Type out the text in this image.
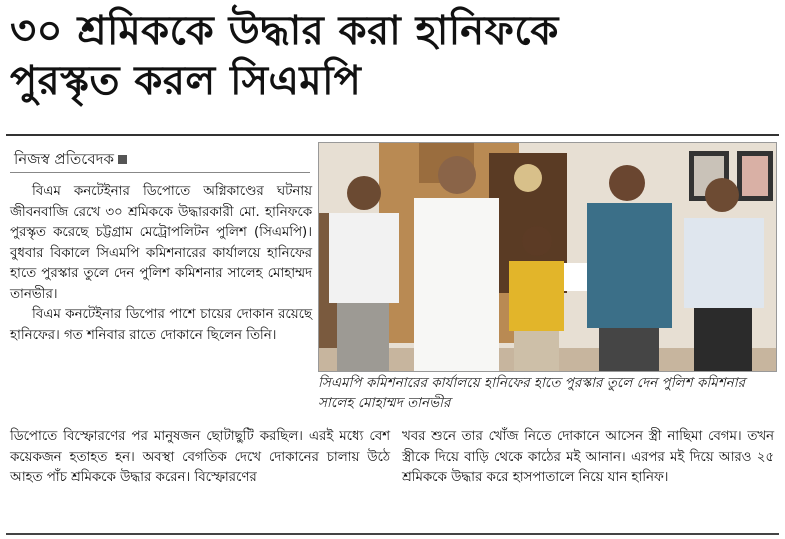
৩০ শ্রমিককে উদ্ধার করা হানিফকে
পুরস্কৃত করল সিএমপি
নিজস্ব প্রতিবেদক

বিএম কনটেইনার ডিপোতে অগ্নিকাণ্ডের ঘটনায় জীবনবাজি রেখে ৩০ শ্রমিককে উদ্ধারকারী মো. হানিফকে পুরস্কৃত করেছে চট্টগ্রাম মেট্রোপলিটন পুলিশ (সিএমপি)। বুধবার বিকালে সিএমপি কমিশনারের কার্যালয়ে হানিফের হাতে পুরস্কার তুলে দেন পুলিশ কমিশনার সালেহ মোহাম্মদ তানভীর।

বিএম কনটেইনার ডিপোর পাশে চায়ের দোকান রয়েছে হানিফের। গত শনিবার রাতে দোকানে ছিলেন তিনি।

সিএমপি কমিশনারের কার্যালয়ে হানিফের হাতে পুরস্কার তুলে দেন পুলিশ কমিশনার সালেহ মোহাম্মদ তানভীর

ডিপোতে বিস্ফোরণের পর মানুষজন ছোটাছুটি করছিল। এরই মধ্যে বেশ কয়েকজন হতাহত হন। অবস্থা বেগতিক দেখে দোকানের চালায় উঠে আহত পাঁচ শ্রমিককে উদ্ধার করেন। বিস্ফোরণের

খবর শুনে তার খোঁজ নিতে দোকানে আসেন স্ত্রী নাছিমা বেগম। তখন স্ত্রীকে দিয়ে বাড়ি থেকে কাঠের মই আনান। এরপর মই দিয়ে আরও ২৫ শ্রমিককে উদ্ধার করে হাসপাতালে নিয়ে যান হানিফ।
